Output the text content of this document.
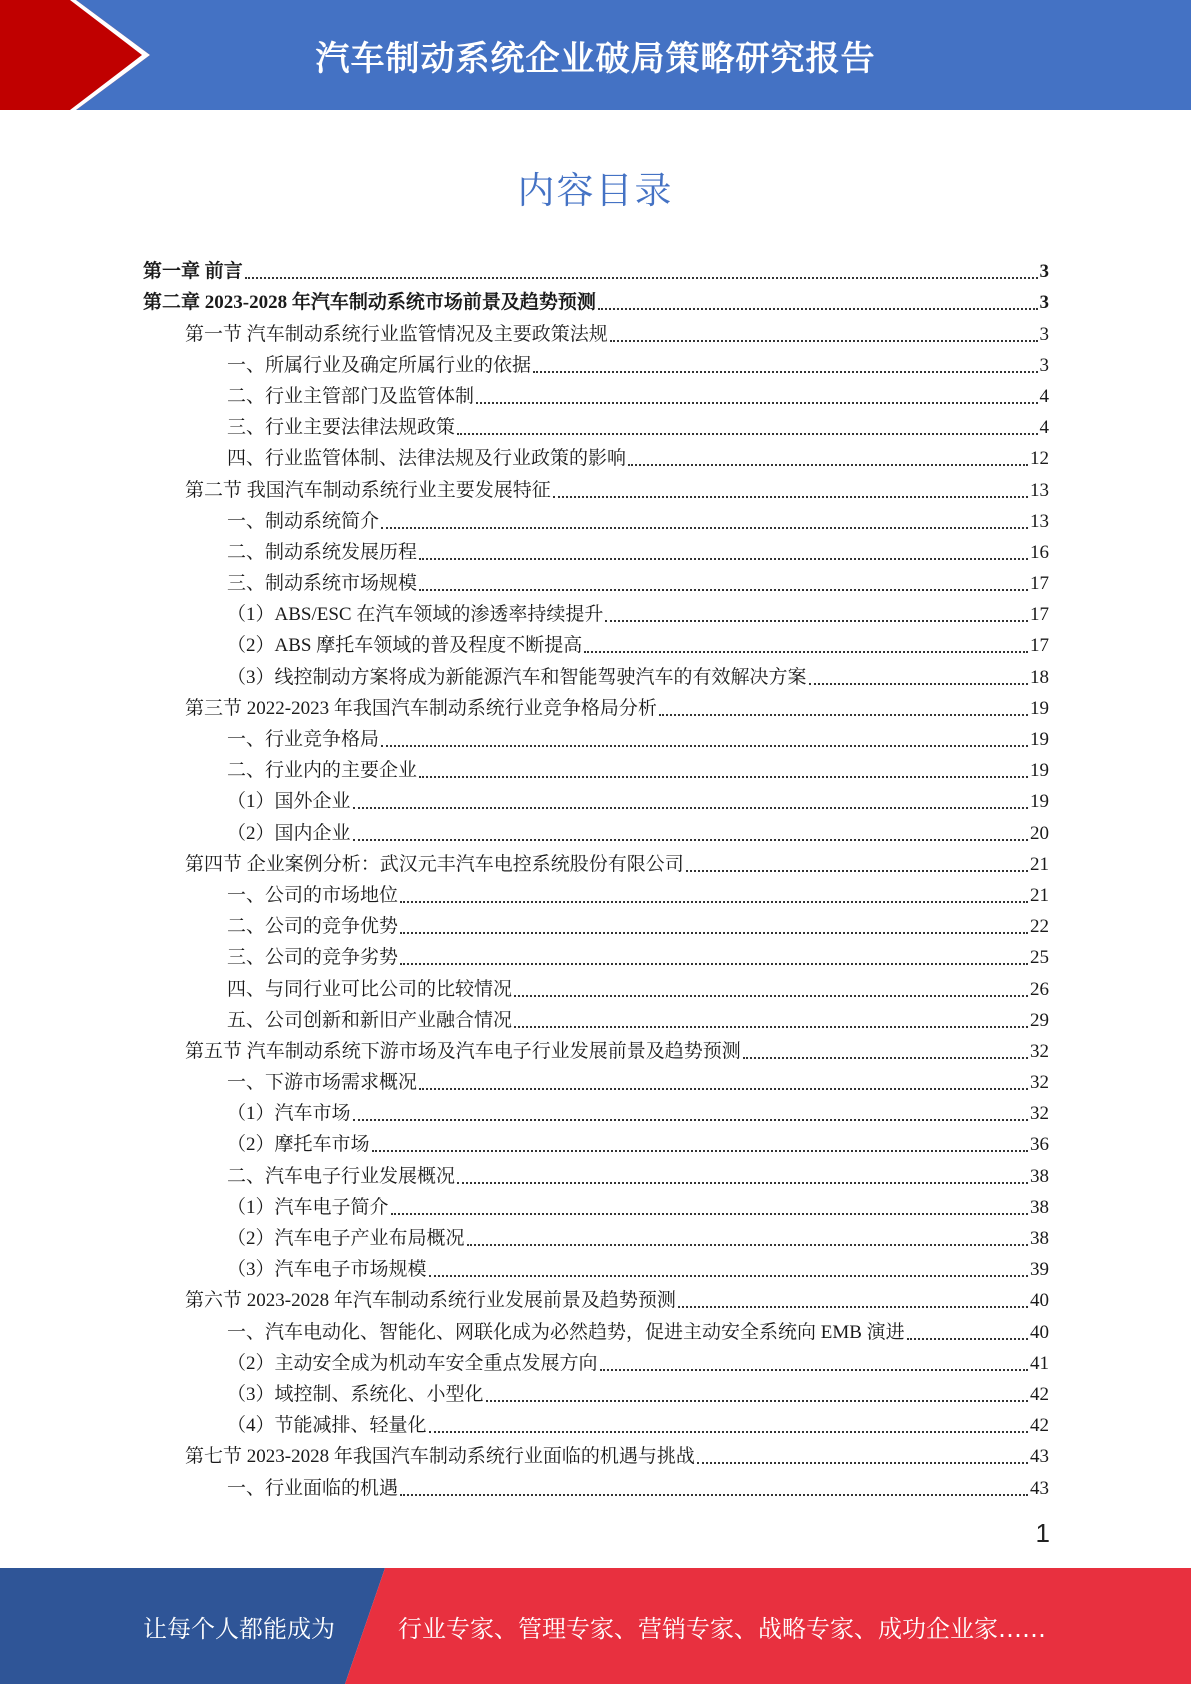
汽车制动系统企业破局策略研究报告
内容目录
第一章 前言	3
第二章 2023-2028 年汽车制动系统市场前景及趋势预测	3
第一节 汽车制动系统行业监管情况及主要政策法规	3
一、所属行业及确定所属行业的依据	3
二、行业主管部门及监管体制	4
三、行业主要法律法规政策	4
四、行业监管体制、法律法规及行业政策的影响	12
第二节 我国汽车制动系统行业主要发展特征	13
一、制动系统简介	13
二、制动系统发展历程	16
三、制动系统市场规模	17
（1）ABS/ESC 在汽车领域的渗透率持续提升	17
（2）ABS 摩托车领域的普及程度不断提高	17
（3）线控制动方案将成为新能源汽车和智能驾驶汽车的有效解决方案	18
第三节 2022-2023 年我国汽车制动系统行业竞争格局分析	19
一、行业竞争格局	19
二、行业内的主要企业	19
（1）国外企业	19
（2）国内企业	20
第四节 企业案例分析：武汉元丰汽车电控系统股份有限公司	21
一、公司的市场地位	21
二、公司的竞争优势	22
三、公司的竞争劣势	25
四、与同行业可比公司的比较情况	26
五、公司创新和新旧产业融合情况	29
第五节 汽车制动系统下游市场及汽车电子行业发展前景及趋势预测	32
一、下游市场需求概况	32
（1）汽车市场	32
（2）摩托车市场	36
二、汽车电子行业发展概况	38
（1）汽车电子简介	38
（2）汽车电子产业布局概况	38
（3）汽车电子市场规模	39
第六节 2023-2028 年汽车制动系统行业发展前景及趋势预测	40
一、汽车电动化、智能化、网联化成为必然趋势，促进主动安全系统向 EMB 演进	40
（2）主动安全成为机动车安全重点发展方向	41
（3）域控制、系统化、小型化	42
（4）节能减排、轻量化	42
第七节 2023-2028 年我国汽车制动系统行业面临的机遇与挑战	43
一、行业面临的机遇	43
1
让每个人都能成为	行业专家、管理专家、营销专家、战略专家、成功企业家……
